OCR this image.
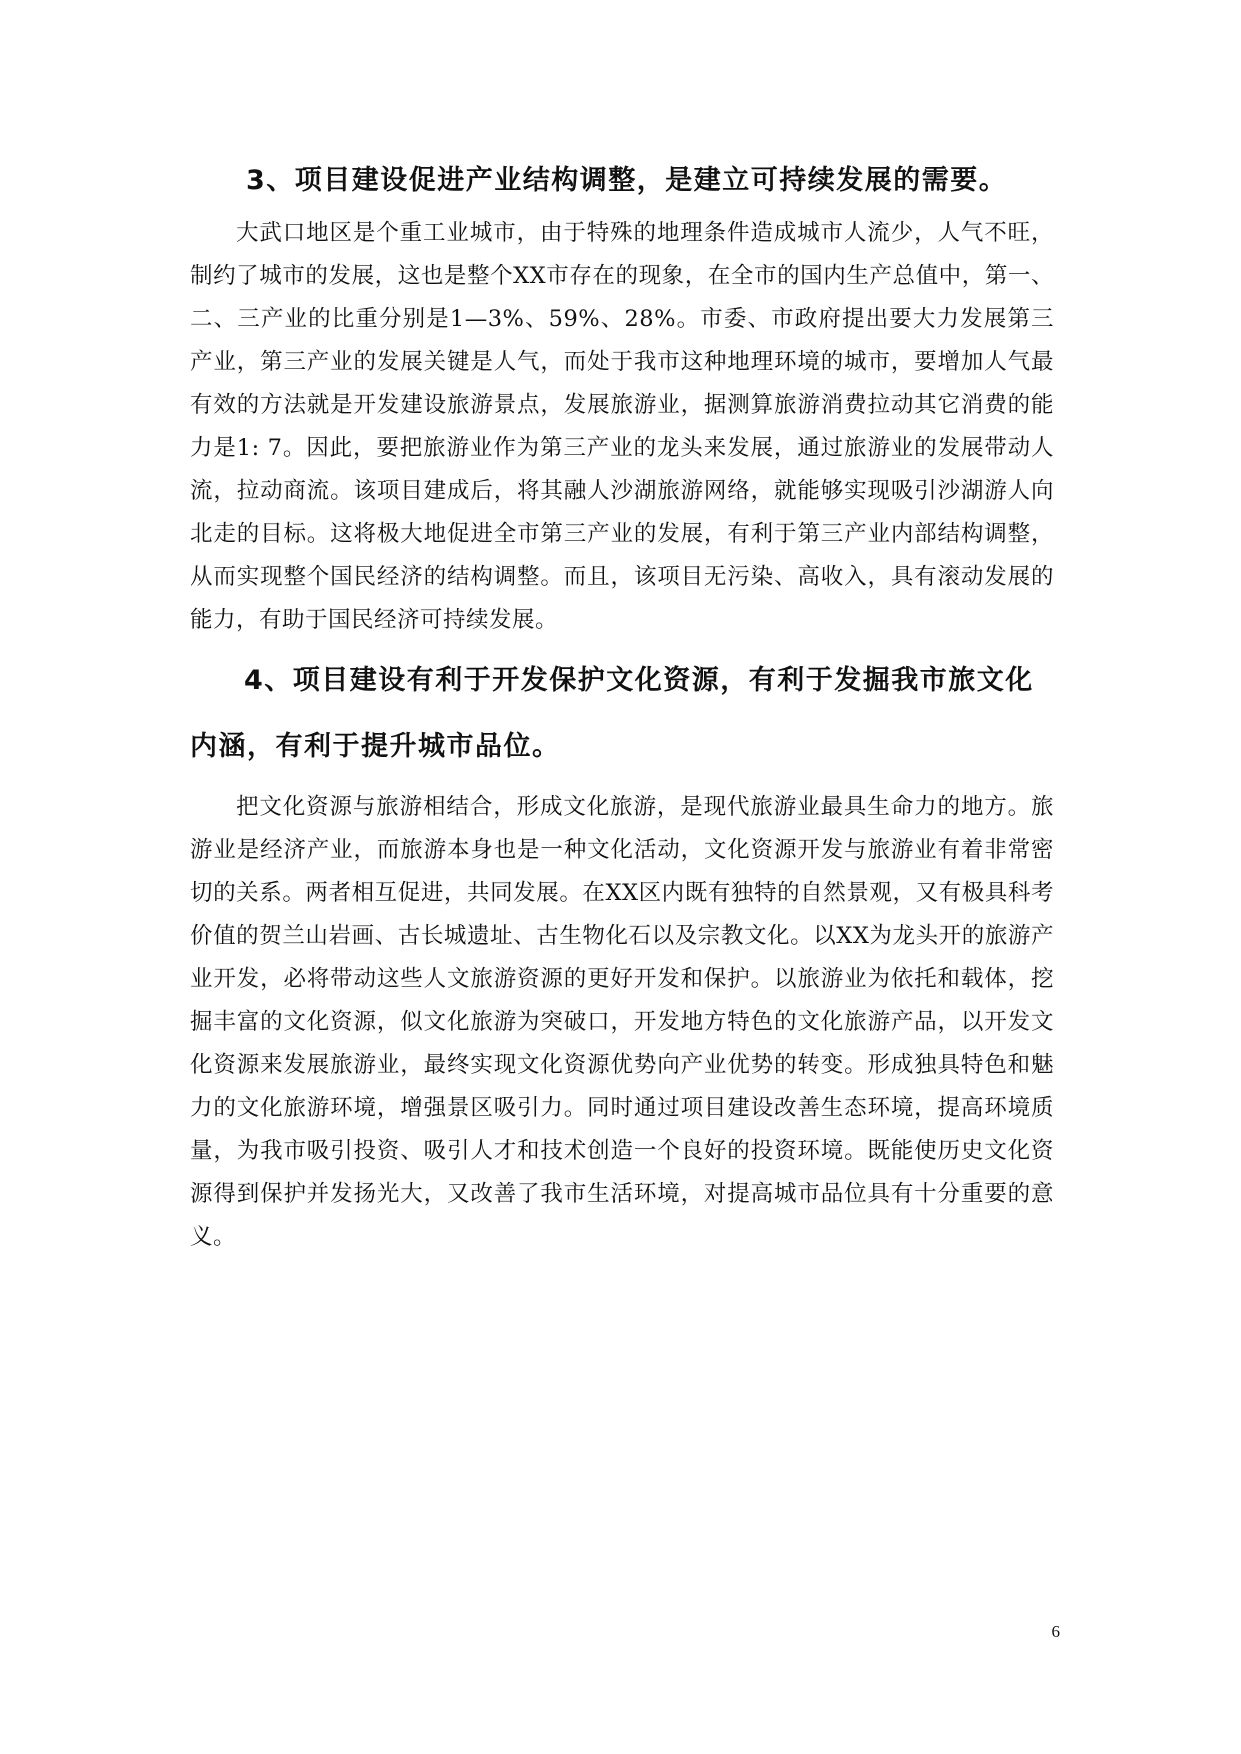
3、项目建设促进产业结构调整，是建立可持续发展的需要。

大武口地区是个重工业城市，由于特殊的地理条件造成城市人流少，人气不旺，制约了城市的发展，这也是整个XX市存在的现象，在全市的国内生产总值中，第一、二、三产业的比重分别是1—3%、59%、28%。市委、市政府提出要大力发展第三产业，第三产业的发展关键是人气，而处于我市这种地理环境的城市，要增加人气最有效的方法就是开发建设旅游景点，发展旅游业，据测算旅游消费拉动其它消费的能力是1: 7。因此，要把旅游业作为第三产业的龙头来发展，通过旅游业的发展带动人流，拉动商流。该项目建成后，将其融人沙湖旅游网络，就能够实现吸引沙湖游人向北走的目标。这将极大地促进全市第三产业的发展，有利于第三产业内部结构调整，从而实现整个国民经济的结构调整。而且，该项目无污染、高收入，具有滚动发展的能力，有助于国民经济可持续发展。

4、项目建设有利于开发保护文化资源，有利于发掘我市旅文化内涵，有利于提升城市品位。

把文化资源与旅游相结合，形成文化旅游，是现代旅游业最具生命力的地方。旅游业是经济产业，而旅游本身也是一种文化活动，文化资源开发与旅游业有着非常密切的关系。两者相互促进，共同发展。在XX区内既有独特的自然景观，又有极具科考价值的贺兰山岩画、古长城遗址、古生物化石以及宗教文化。以XX为龙头开的旅游产业开发，必将带动这些人文旅游资源的更好开发和保护。以旅游业为依托和载体，挖掘丰富的文化资源，似文化旅游为突破口，开发地方特色的文化旅游产品，以开发文化资源来发展旅游业，最终实现文化资源优势向产业优势的转变。形成独具特色和魅力的文化旅游环境，增强景区吸引力。同时通过项目建设改善生态环境，提高环境质量，为我市吸引投资、吸引人才和技术创造一个良好的投资环境。既能使历史文化资源得到保护并发扬光大，又改善了我市生活环境，对提高城市品位具有十分重要的意义。

6
